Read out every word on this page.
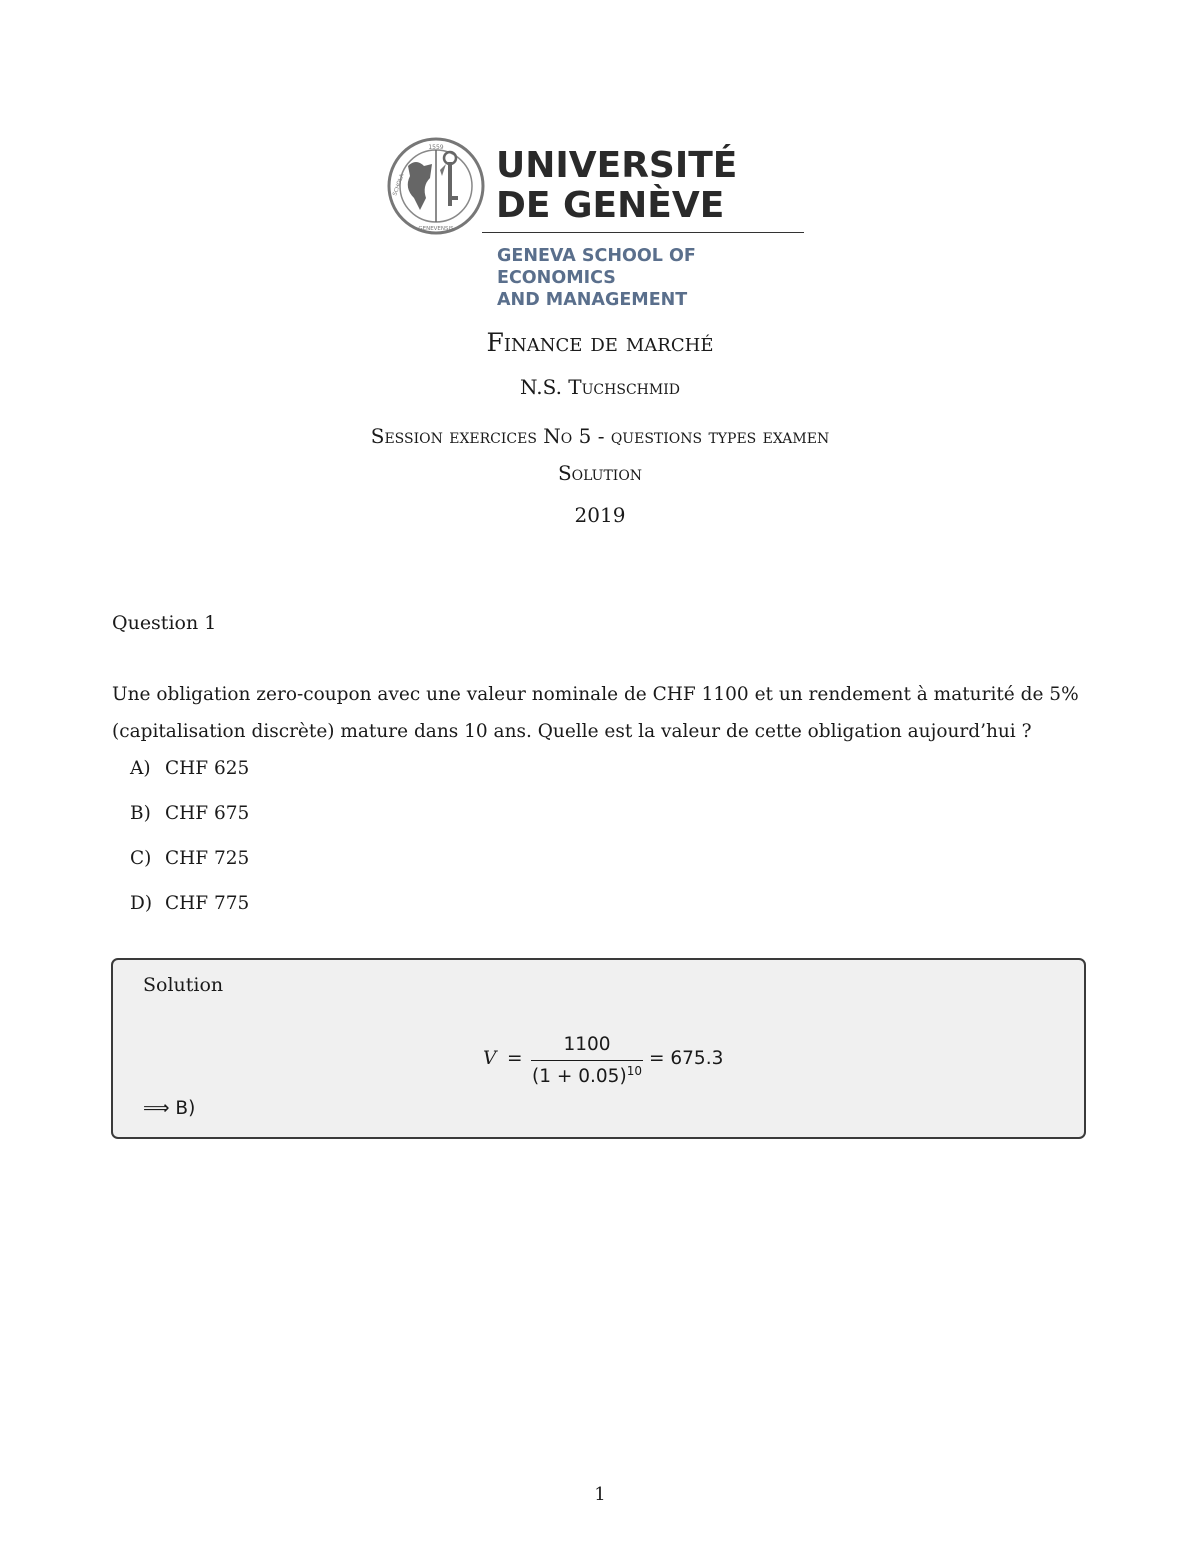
1559
GENEVENSIS
SCHOLA	UNIVERSITÉ
DE GENÈVE
GENEVA SCHOOL OF ECONOMICS
AND MANAGEMENT
Finance de marché
N.S. Tuchschmid
Session exercices No 5 - questions types examen
Solution
2019
Question 1
Une obligation zero-coupon avec une valeur nominale de CHF 1100 et un rendement à maturité de 5% (capitalisation discrète) mature dans 10 ans. Quelle est la valeur de cette obligation aujourd’hui ?
A) CHF 625
B) CHF 675
C) CHF 725
D) CHF 775
Solution
V =
1100
$(1 + 0.05)^{10}$
= 675.3
⟹ B)
1
